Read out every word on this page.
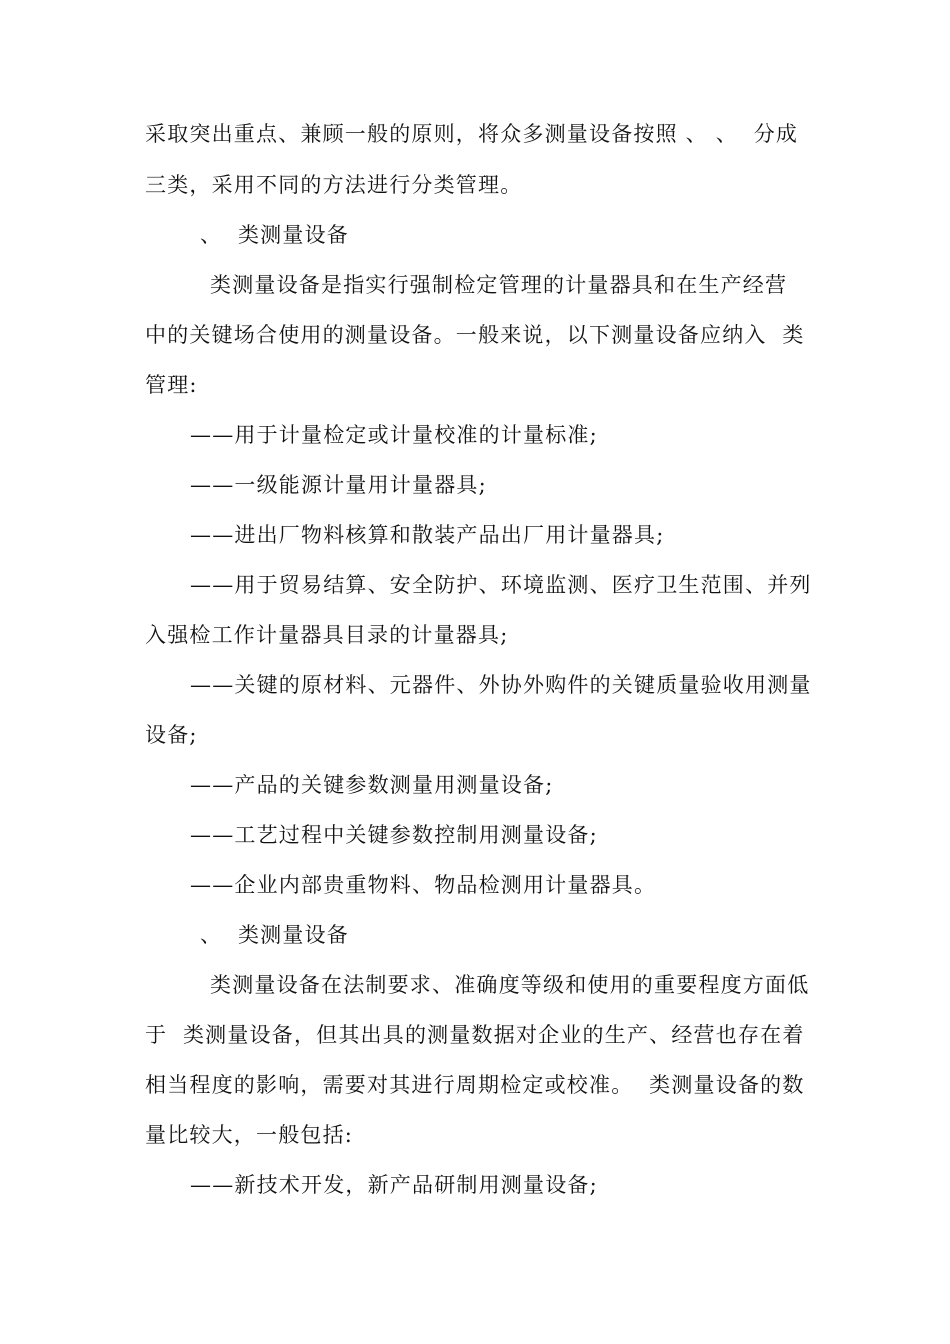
采取突出重点、兼顾一般的原则，将众多测量设备按照 、 、  分成
三类，采用不同的方法进行分类管理。
、  类测量设备
类测量设备是指实行强制检定管理的计量器具和在生产经营
中的关键场合使用的测量设备。一般来说，以下测量设备应纳入  类
管理:
——用于计量检定或计量校准的计量标准;
——一级能源计量用计量器具;
——进出厂物料核算和散装产品出厂用计量器具;
——用于贸易结算、安全防护、环境监测、医疗卫生范围、并列
入强检工作计量器具目录的计量器具;
——关键的原材料、元器件、外协外购件的关键质量验收用测量
设备;
——产品的关键参数测量用测量设备;
——工艺过程中关键参数控制用测量设备;
——企业内部贵重物料、物品检测用计量器具。
、  类测量设备
类测量设备在法制要求、准确度等级和使用的重要程度方面低
于  类测量设备，但其出具的测量数据对企业的生产、经营也存在着
相当程度的影响，需要对其进行周期检定或校准。  类测量设备的数
量比较大，一般包括:
——新技术开发，新产品研制用测量设备;
